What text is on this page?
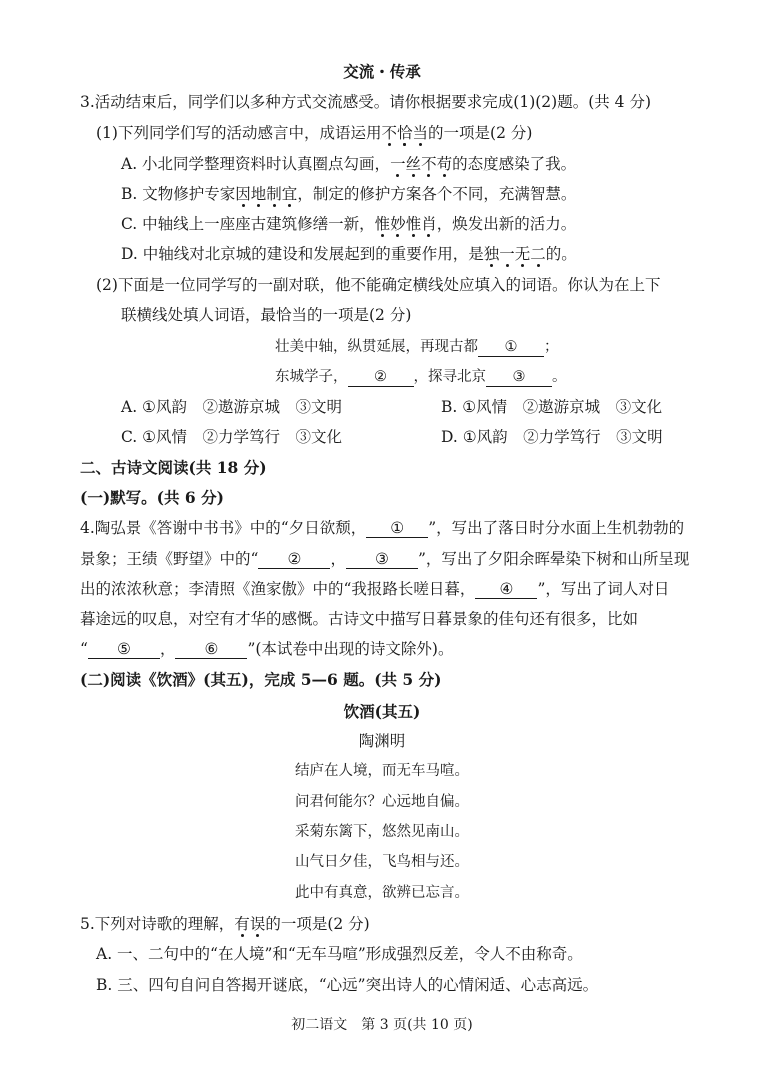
交流・传承
3.活动结束后，同学们以多种方式交流感受。请你根据要求完成(1)(2)题。(共 4 分)
(1)下列同学们写的活动感言中，成语运用不恰当的一项是(2 分)
A. 小北同学整理资料时认真圈点勾画，一丝不苟的态度感染了我。
B. 文物修护专家因地制宜，制定的修护方案各个不同，充满智慧。
C. 中轴线上一座座古建筑修缮一新，惟妙惟肖，焕发出新的活力。
D. 中轴线对北京城的建设和发展起到的重要作用，是独一无二的。
(2)下面是一位同学写的一副对联，他不能确定横线处应填入的词语。你认为在上下
联横线处填人词语，最恰当的一项是(2 分)
壮美中轴，纵贯延展，再现古都 ① ；
东城学子， ② ，探寻北京 ③ 。
A. ①风韵　②遨游京城　③文明	B. ①风情　②遨游京城　③文化
C. ①风情　②力学笃行　③文化	D. ①风韵　②力学笃行　③文明
二、古诗文阅读(共 18 分)
(一)默写。(共 6 分)
4.陶弘景《答谢中书书》中的“夕日欲颓， ① ”，写出了落日时分水面上生机勃勃的
景象；王绩《野望》中的“ ② ， ③ ”，写出了夕阳余晖晕染下树和山所呈现
出的浓浓秋意；李清照《渔家傲》中的“我报路长嗟日暮， ④ ”，写出了词人对日
暮途远的叹息，对空有才华的感慨。古诗文中描写日暮景象的佳句还有很多，比如
“ ⑤ ， ⑥ ”(本试卷中出现的诗文除外)。
(二)阅读《饮酒》(其五)，完成 5—6 题。(共 5 分)
饮酒(其五)
陶渊明
结庐在人境，而无车马喧。
问君何能尔？心远地自偏。
采菊东篱下，悠然见南山。
山气日夕佳，飞鸟相与还。
此中有真意，欲辨已忘言。
5.下列对诗歌的理解，有误的一项是(2 分)
A. 一、二句中的“在人境”和“无车马喧”形成强烈反差，令人不由称奇。
B. 三、四句自问自答揭开谜底，“心远”突出诗人的心情闲适、心志高远。
初二语文　第 3 页(共 10 页)
